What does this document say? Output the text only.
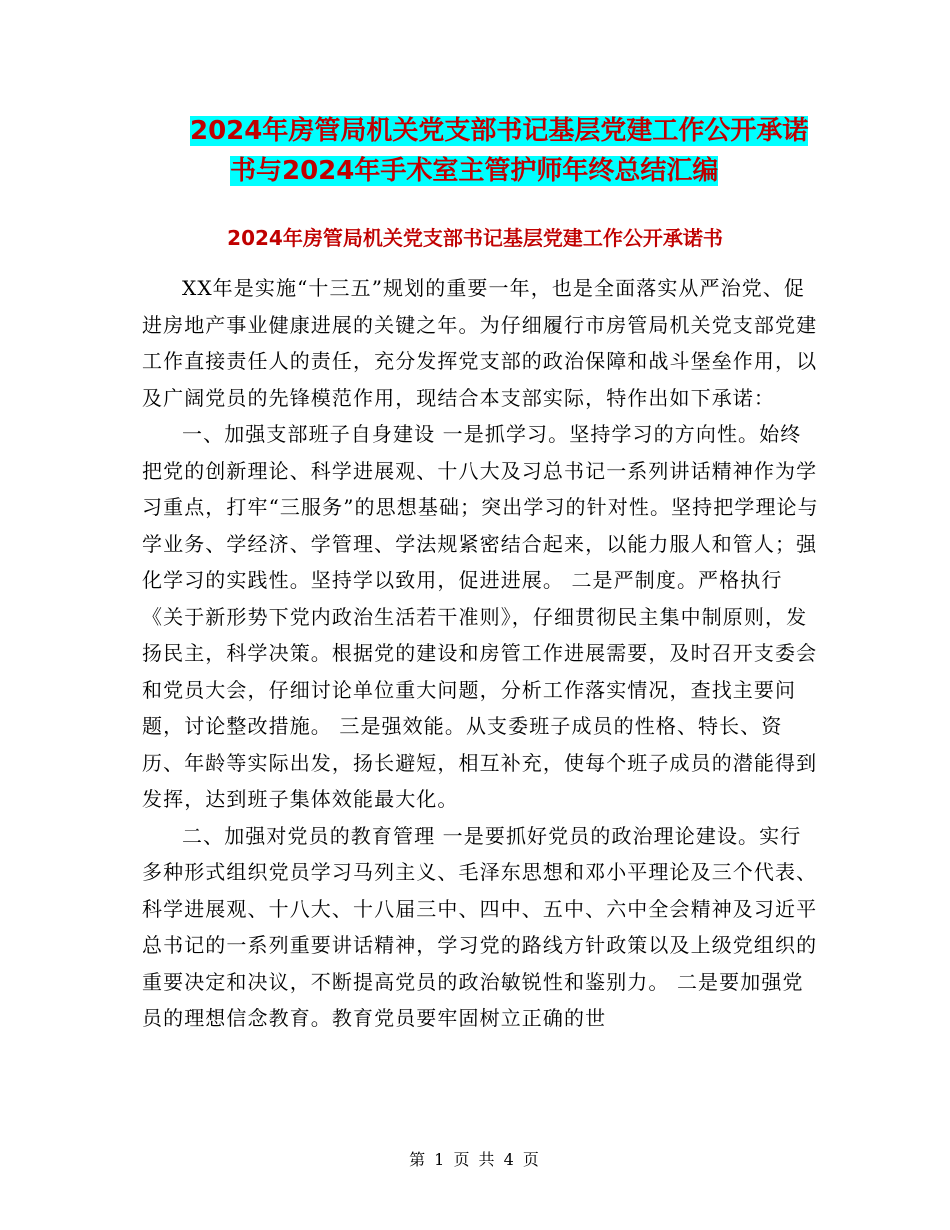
2024年房管局机关党支部书记基层党建工作公开承诺
书与2024年手术室主管护师年终总结汇编
2024年房管局机关党支部书记基层党建工作公开承诺书

XX年是实施“十三五”规划的重要一年，也是全面落实从严治党、促进房地产事业健康进展的关键之年。为仔细履行市房管局机关党支部党建工作直接责任人的责任，充分发挥党支部的政治保障和战斗堡垒作用，以及广阔党员的先锋模范作用，现结合本支部实际，特作出如下承诺：

一、加强支部班子自身建设 一是抓学习。坚持学习的方向性。始终把党的创新理论、科学进展观、十八大及习总书记一系列讲话精神作为学习重点，打牢“三服务”的思想基础；突出学习的针对性。坚持把学理论与学业务、学经济、学管理、学法规紧密结合起来，以能力服人和管人；强化学习的实践性。坚持学以致用，促进进展。 二是严制度。严格执行《关于新形势下党内政治生活若干准则》，仔细贯彻民主集中制原则，发扬民主，科学决策。根据党的建设和房管工作进展需要，及时召开支委会和党员大会，仔细讨论单位重大问题，分析工作落实情况，查找主要问题，讨论整改措施。 三是强效能。从支委班子成员的性格、特长、资历、年龄等实际出发，扬长避短，相互补充，使每个班子成员的潜能得到发挥，达到班子集体效能最大化。

二、加强对党员的教育管理 一是要抓好党员的政治理论建设。实行多种形式组织党员学习马列主义、毛泽东思想和邓小平理论及三个代表、科学进展观、十八大、十八届三中、四中、五中、六中全会精神及习近平总书记的一系列重要讲话精神，学习党的路线方针政策以及上级党组织的重要决定和决议，不断提高党员的政治敏锐性和鉴别力。 二是要加强党员的理想信念教育。教育党员要牢固树立正确的世

第 1 页 共 4 页
